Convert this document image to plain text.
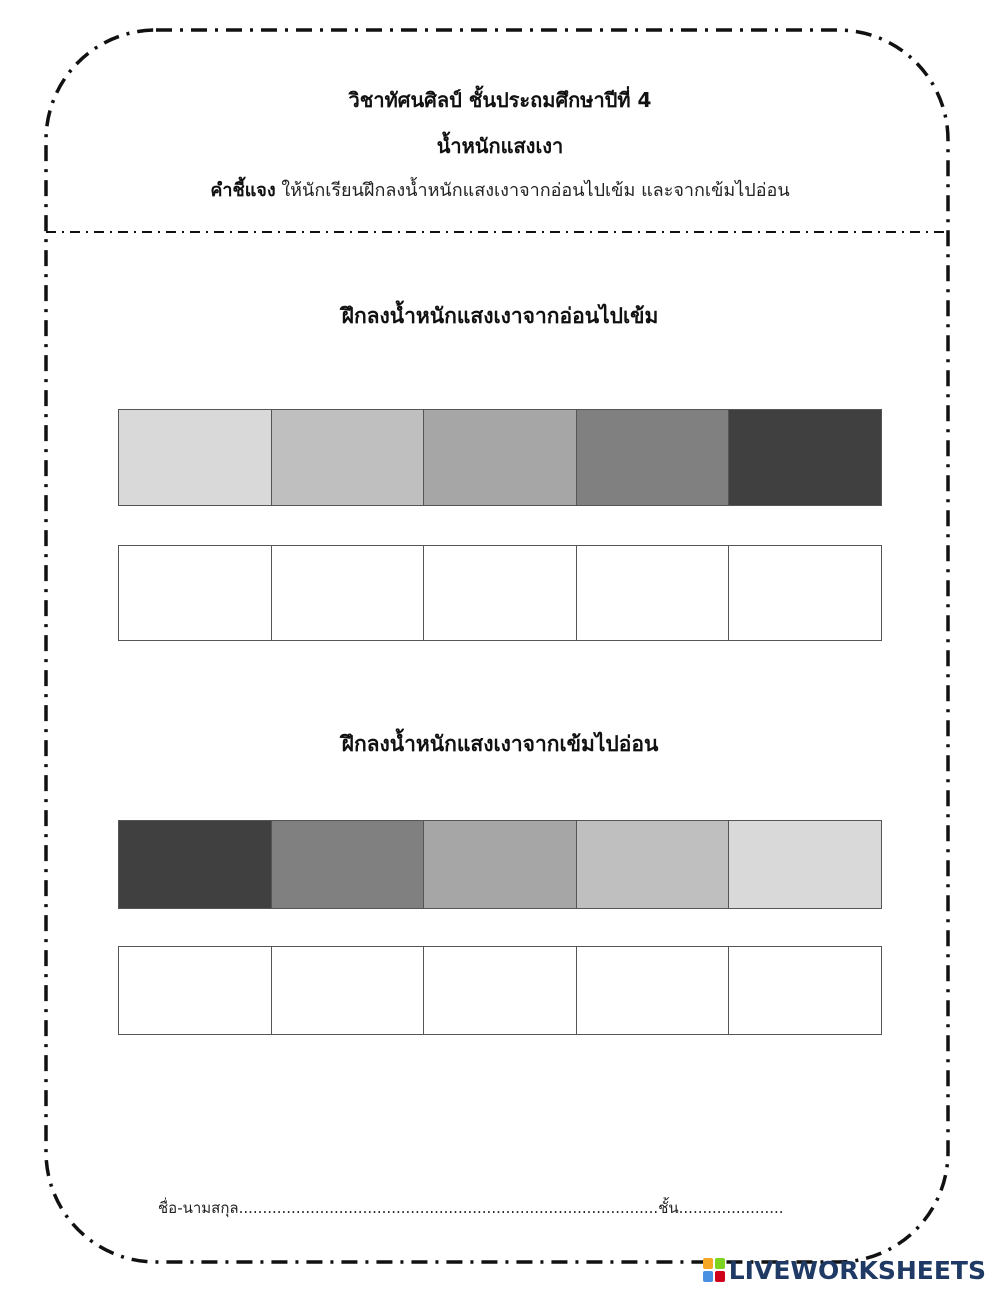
วิชาทัศนศิลป์ ชั้นประถมศึกษาปีที่ 4
น้ำหนักแสงเงา
คำชี้แจง ให้นักเรียนฝึกลงน้ำหนักแสงเงาจากอ่อนไปเข้ม และจากเข้มไปอ่อน
ฝึกลงน้ำหนักแสงเงาจากอ่อนไปเข้ม
ฝึกลงน้ำหนักแสงเงาจากเข้มไปอ่อน
ชื่อ-นามสกุล........................................................................................ชั้น......................
LIVEWORKSHEETS
